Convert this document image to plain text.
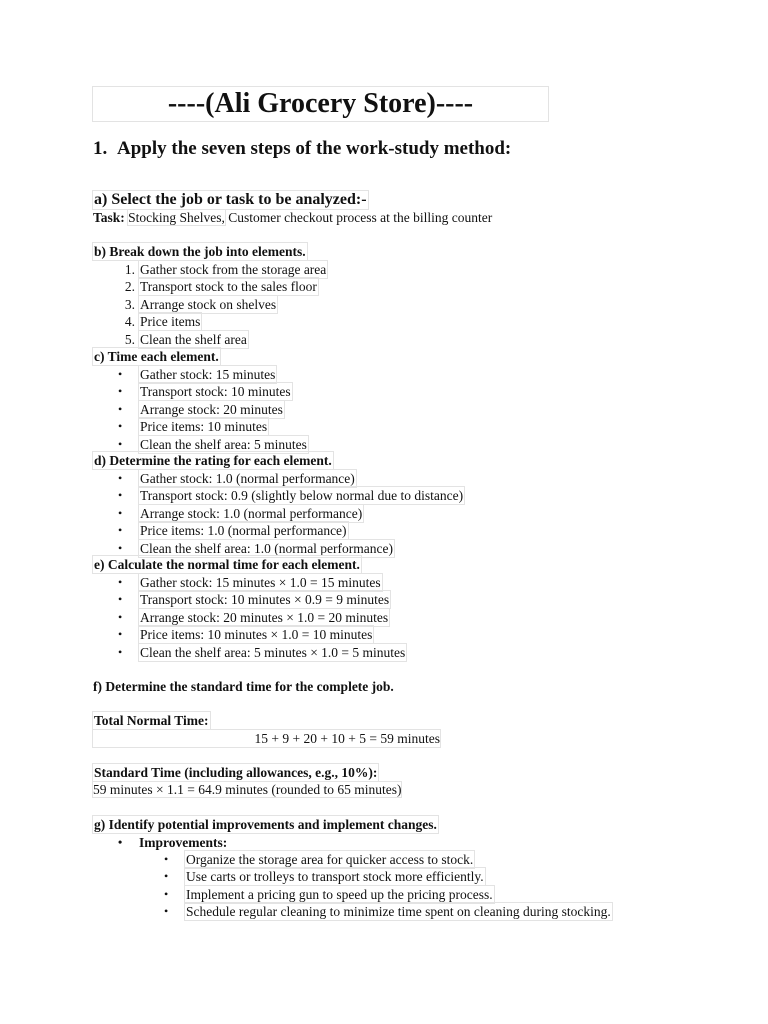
----(Ali Grocery Store)----
1. Apply the seven steps of the work-study method:
a) Select the job or task to be analyzed:-
Task: Stocking Shelves, Customer checkout process at the billing counter
b) Break down the job into elements.
1. Gather stock from the storage area
2. Transport stock to the sales floor
3. Arrange stock on shelves
4. Price items
5. Clean the shelf area
c) Time each element.
• Gather stock: 15 minutes
• Transport stock: 10 minutes
• Arrange stock: 20 minutes
• Price items: 10 minutes
• Clean the shelf area: 5 minutes
d) Determine the rating for each element.
• Gather stock: 1.0 (normal performance)
• Transport stock: 0.9 (slightly below normal due to distance)
• Arrange stock: 1.0 (normal performance)
• Price items: 1.0 (normal performance)
• Clean the shelf area: 1.0 (normal performance)
e) Calculate the normal time for each element.
• Gather stock: 15 minutes × 1.0 = 15 minutes
• Transport stock: 10 minutes × 0.9 = 9 minutes
• Arrange stock: 20 minutes × 1.0 = 20 minutes
• Price items: 10 minutes × 1.0 = 10 minutes
• Clean the shelf area: 5 minutes × 1.0 = 5 minutes
f) Determine the standard time for the complete job.
Total Normal Time:
15 + 9 + 20 + 10 + 5 = 59 minutes
Standard Time (including allowances, e.g., 10%):
59 minutes × 1.1 = 64.9 minutes (rounded to 65 minutes)
g) Identify potential improvements and implement changes.
• Improvements:
• Organize the storage area for quicker access to stock.
• Use carts or trolleys to transport stock more efficiently.
• Implement a pricing gun to speed up the pricing process.
• Schedule regular cleaning to minimize time spent on cleaning during stocking.
